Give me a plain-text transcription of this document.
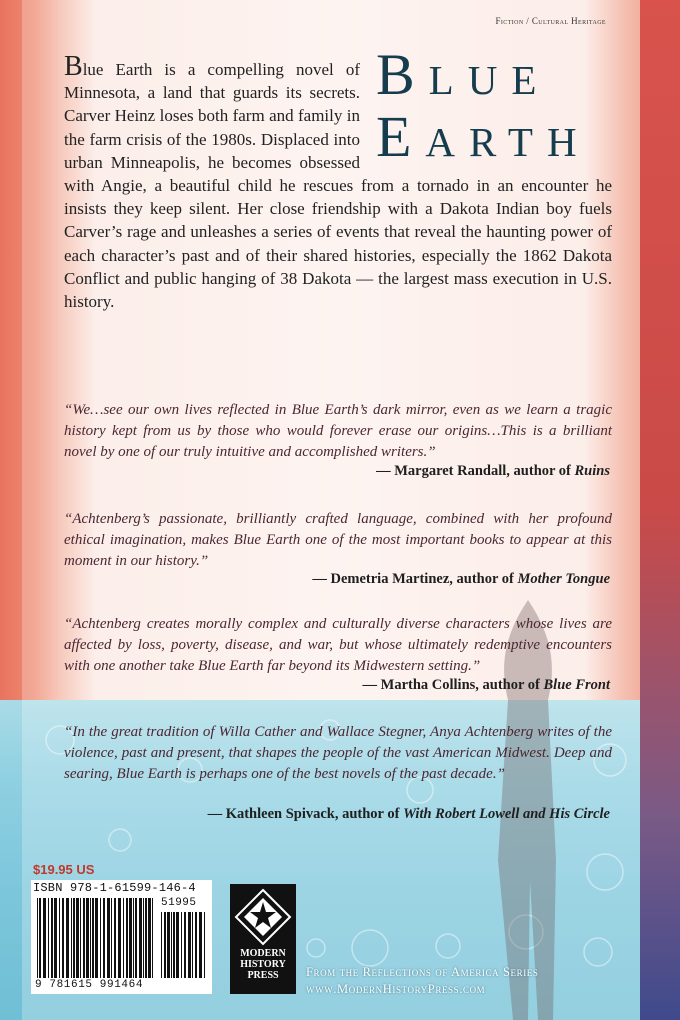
Fiction / Cultural Heritage
Blue
Earth
Blue Earth is a compelling novel of Minnesota, a land that guards its secrets. Carver Heinz loses both farm and family in the farm crisis of the 1980s. Displaced into urban Minneapolis, he becomes obsessed with Angie, a beautiful child he rescues from a tornado in an encounter he insists they keep silent. Her close friendship with a Dakota Indian boy fuels Carver’s rage and unleashes a series of events that reveal the haunting power of each character’s past and of their shared histories, especially the 1862 Dakota Conflict and public hanging of 38 Dakota — the largest mass execution in U.S. history.
“We…see our own lives reflected in Blue Earth’s dark mirror, even as we learn a tragic history kept from us by those who would forever erase our origins…This is a brilliant novel by one of our truly intuitive and accomplished writers.”
— Margaret Randall, author of Ruins
“Achtenberg’s passionate, brilliantly crafted language, combined with her profound ethical imagination, makes Blue Earth one of the most important books to appear at this moment in our history.”
— Demetria Martinez, author of Mother Tongue
“Achtenberg creates morally complex and culturally diverse characters whose lives are affected by loss, poverty, disease, and war, but whose ultimately redemptive encounters with one another take Blue Earth far beyond its Midwestern setting.”
— Martha Collins, author of Blue Front
“In the great tradition of Willa Cather and Wallace Stegner, Anya Achtenberg writes of the violence, past and present, that shapes the people of the vast American Midwest. Deep and searing, Blue Earth is perhaps one of the best novels of the past decade.”
— Kathleen Spivack, author of With Robert Lowell and His Circle
$19.95 US
ISBN 978-1-61599-146-4
51995
9 781615 991464
MODERN
HISTORY
PRESS	From the Reflections of America Series
www.ModernHistoryPress.com
